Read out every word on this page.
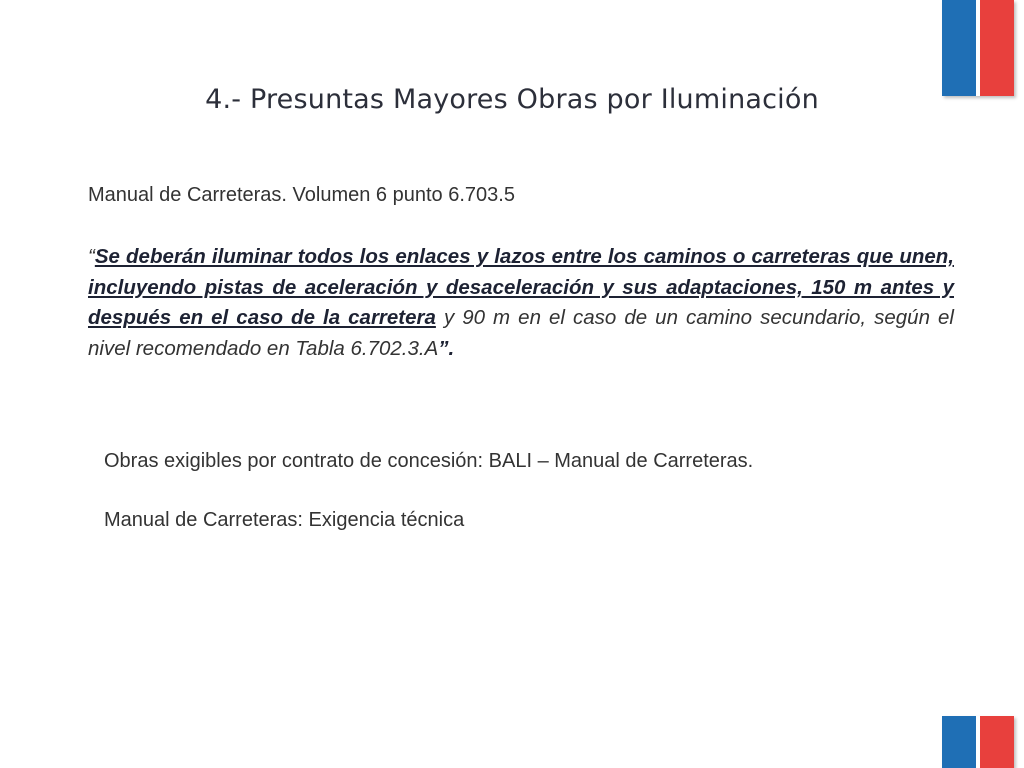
4.- Presuntas Mayores Obras por Iluminación
Manual de Carreteras. Volumen 6 punto 6.703.5
“Se deberán iluminar todos los enlaces y lazos entre los caminos o carreteras que unen, incluyendo pistas de aceleración y desaceleración y sus adaptaciones, 150 m antes y después en el caso de la carretera y 90 m en el caso de un camino secundario, según el nivel recomendado en Tabla 6.702.3.A”.
Obras exigibles por contrato de concesión: BALI – Manual de Carreteras.
Manual de Carreteras: Exigencia técnica
